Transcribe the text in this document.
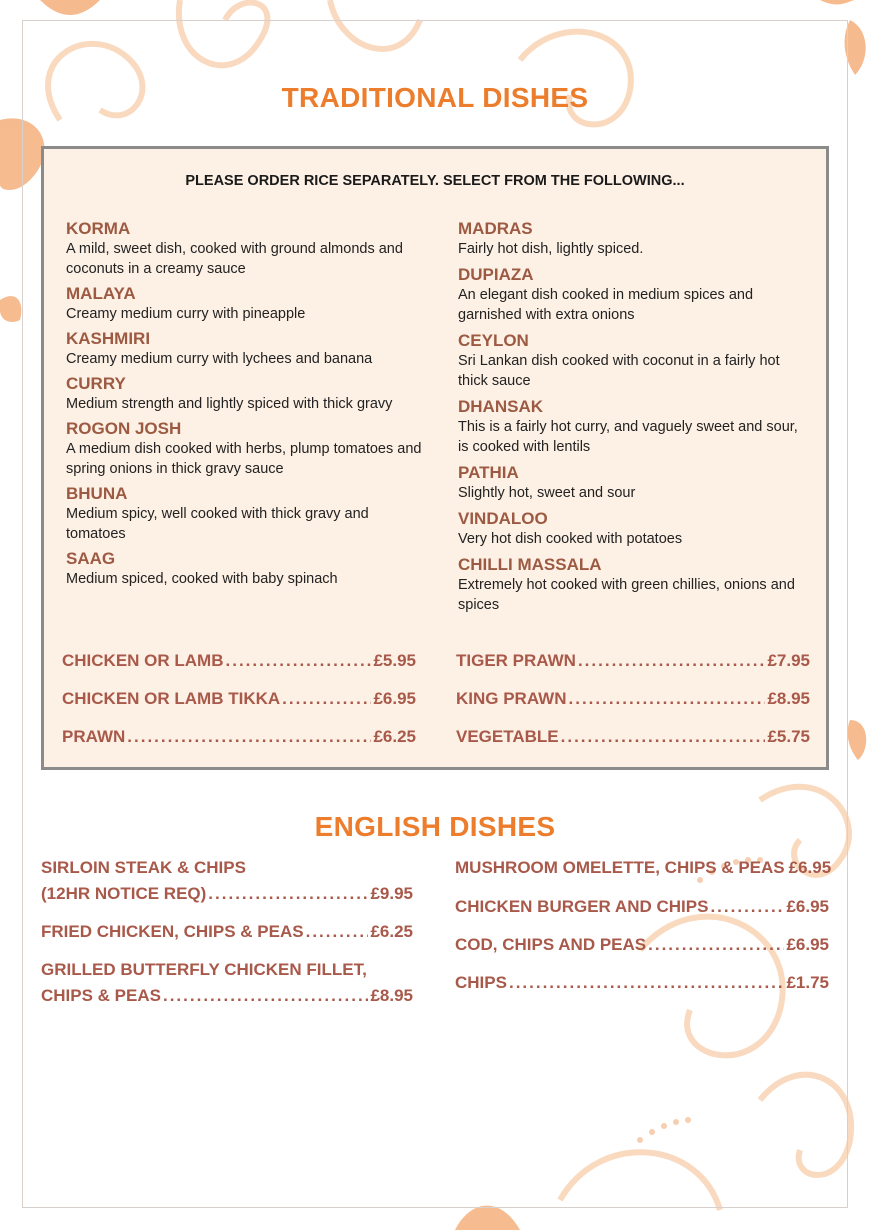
TRADITIONAL DISHES

PLEASE ORDER RICE SEPARATELY. SELECT FROM THE FOLLOWING...

KORMA
A mild, sweet dish, cooked with ground almonds and coconuts in a creamy sauce
MALAYA
Creamy medium curry with pineapple
KASHMIRI
Creamy medium curry with lychees and banana
CURRY
Medium strength and lightly spiced with thick gravy
ROGON JOSH
A medium dish cooked with herbs, plump tomatoes and spring onions in thick gravy sauce
BHUNA
Medium spicy, well cooked with thick gravy and tomatoes
SAAG
Medium spiced, cooked with baby spinach
MADRAS
Fairly hot dish, lightly spiced.
DUPIAZA
An elegant dish cooked in medium spices and garnished with extra onions
CEYLON
Sri Lankan dish cooked with coconut in a fairly hot thick sauce
DHANSAK
This is a fairly hot curry, and vaguely sweet and sour, is cooked with lentils
PATHIA
Slightly hot, sweet and sour
VINDALOO
Very hot dish cooked with potatoes
CHILLI MASSALA
Extremely hot cooked with green chillies, onions and spices
CHICKEN OR LAMB .....	£5.95
CHICKEN OR LAMB TIKKA .....	£6.95
PRAWN .....	£6.25
TIGER PRAWN .....	£7.95
KING PRAWN .....	£8.95
VEGETABLE .....	£5.75
ENGLISH DISHES
SIRLOIN STEAK & CHIPS
(12HR NOTICE REQ) .....	£9.95
FRIED CHICKEN, CHIPS & PEAS .....	£6.25
GRILLED BUTTERFLY CHICKEN FILLET,
CHIPS & PEAS .....	£8.95
MUSHROOM OMELETTE, CHIPS & PEAS £6.95
CHICKEN BURGER AND CHIPS .....	£6.95
COD, CHIPS AND PEAS .....	£6.95
CHIPS .....	£1.75
